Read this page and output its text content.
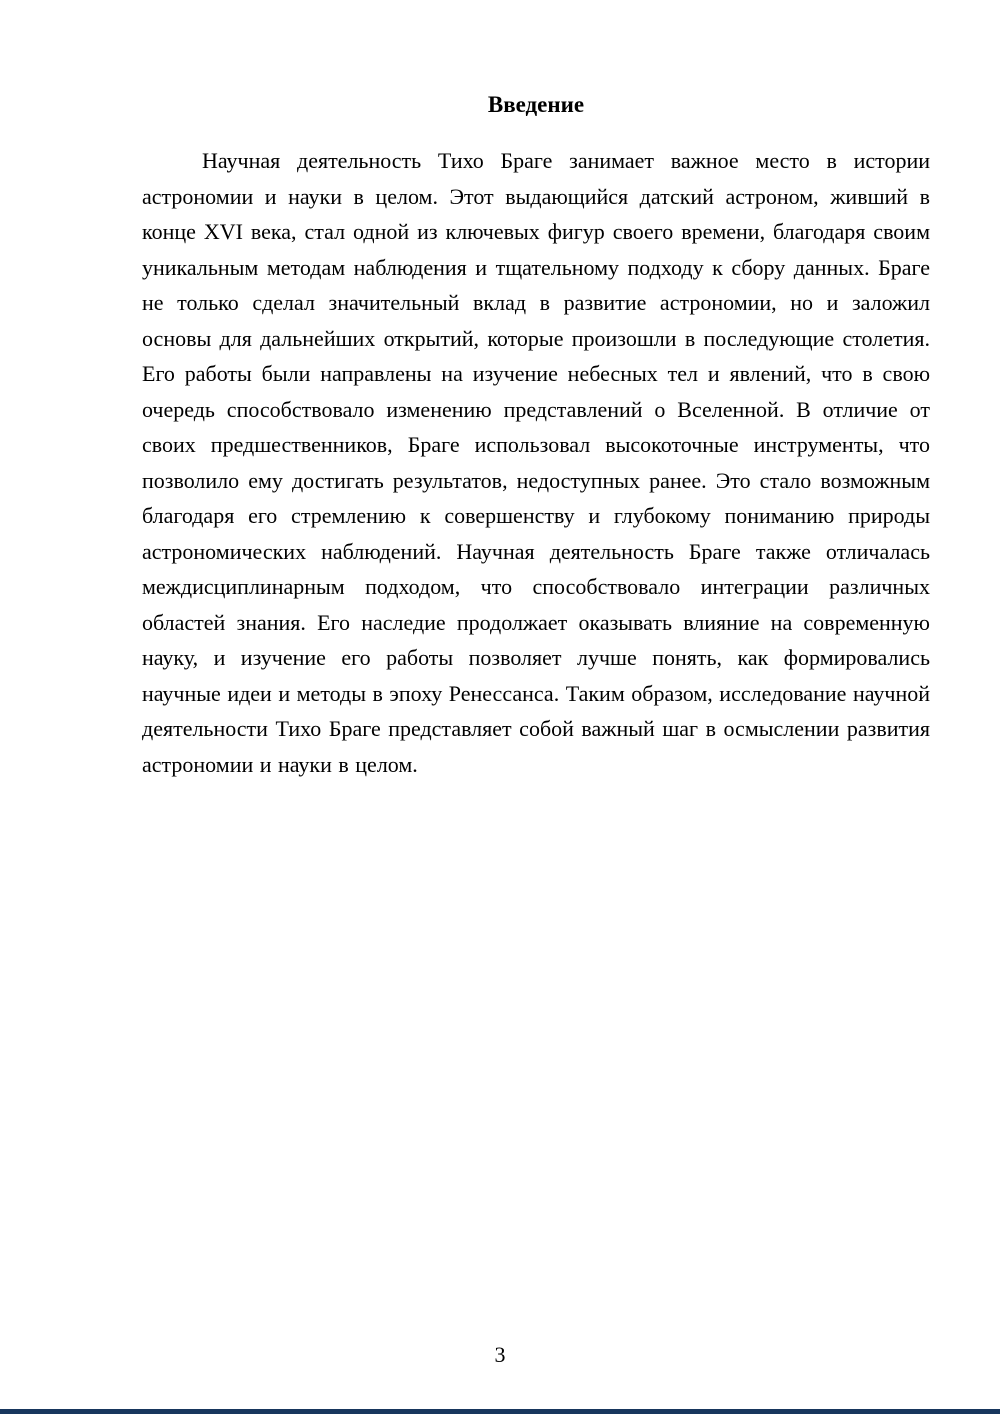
Введение

Научная деятельность Тихо Браге занимает важное место в истории астрономии и науки в целом. Этот выдающийся датский астроном, живший в конце XVI века, стал одной из ключевых фигур своего времени, благодаря своим уникальным методам наблюдения и тщательному подходу к сбору данных. Браге не только сделал значительный вклад в развитие астрономии, но и заложил основы для дальнейших открытий, которые произошли в последующие столетия. Его работы были направлены на изучение небесных тел и явлений, что в свою очередь способствовало изменению представлений о Вселенной. В отличие от своих предшественников, Браге использовал высокоточные инструменты, что позволило ему достигать результатов, недоступных ранее. Это стало возможным благодаря его стремлению к совершенству и глубокому пониманию природы астрономических наблюдений. Научная деятельность Браге также отличалась междисциплинарным подходом, что способствовало интеграции различных областей знания. Его наследие продолжает оказывать влияние на современную науку, и изучение его работы позволяет лучше понять, как формировались научные идеи и методы в эпоху Ренессанса. Таким образом, исследование научной деятельности Тихо Браге представляет собой важный шаг в осмыслении развития астрономии и науки в целом.

3
